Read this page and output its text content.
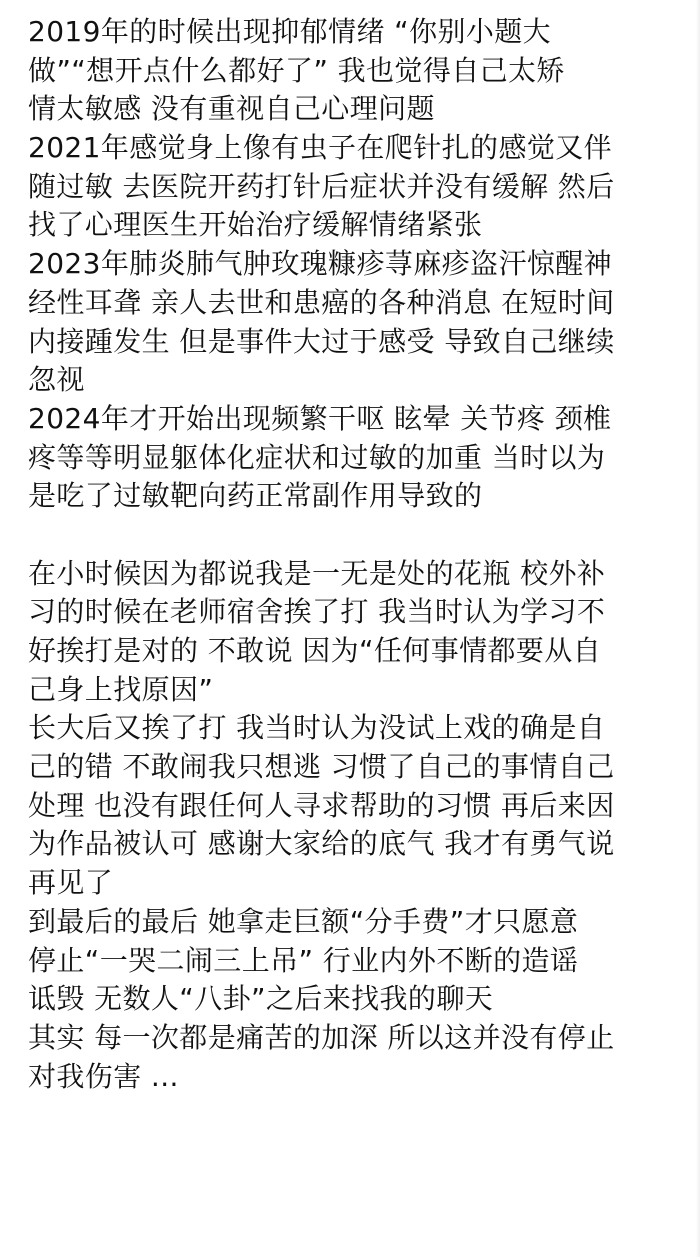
2019年的时候出现抑郁情绪 “你别小题大
做”“想开点什么都好了” 我也觉得自己太矫
情太敏感 没有重视自己心理问题

2021年感觉身上像有虫子在爬针扎的感觉又伴
随过敏 去医院开药打针后症状并没有缓解 然后
找了心理医生开始治疗缓解情绪紧张

2023年肺炎肺气肿玫瑰糠疹荨麻疹盗汗惊醒神
经性耳聋 亲人去世和患癌的各种消息 在短时间
内接踵发生 但是事件大过于感受 导致自己继续
忽视

2024年才开始出现频繁干呕 眩晕 关节疼 颈椎
疼等等明显躯体化症状和过敏的加重 当时以为
是吃了过敏靶向药正常副作用导致的

在小时候因为都说我是一无是处的花瓶 校外补
习的时候在老师宿舍挨了打 我当时认为学习不
好挨打是对的 不敢说 因为“任何事情都要从自
己身上找原因”

长大后又挨了打 我当时认为没试上戏的确是自
己的错 不敢闹我只想逃 习惯了自己的事情自己
处理 也没有跟任何人寻求帮助的习惯 再后来因
为作品被认可 感谢大家给的底气 我才有勇气说
再见了

到最后的最后 她拿走巨额“分手费”才只愿意
停止“一哭二闹三上吊” 行业内外不断的造谣
诋毁 无数人“八卦”之后来找我的聊天

其实 每一次都是痛苦的加深 所以这并没有停止
对我伤害 ...
